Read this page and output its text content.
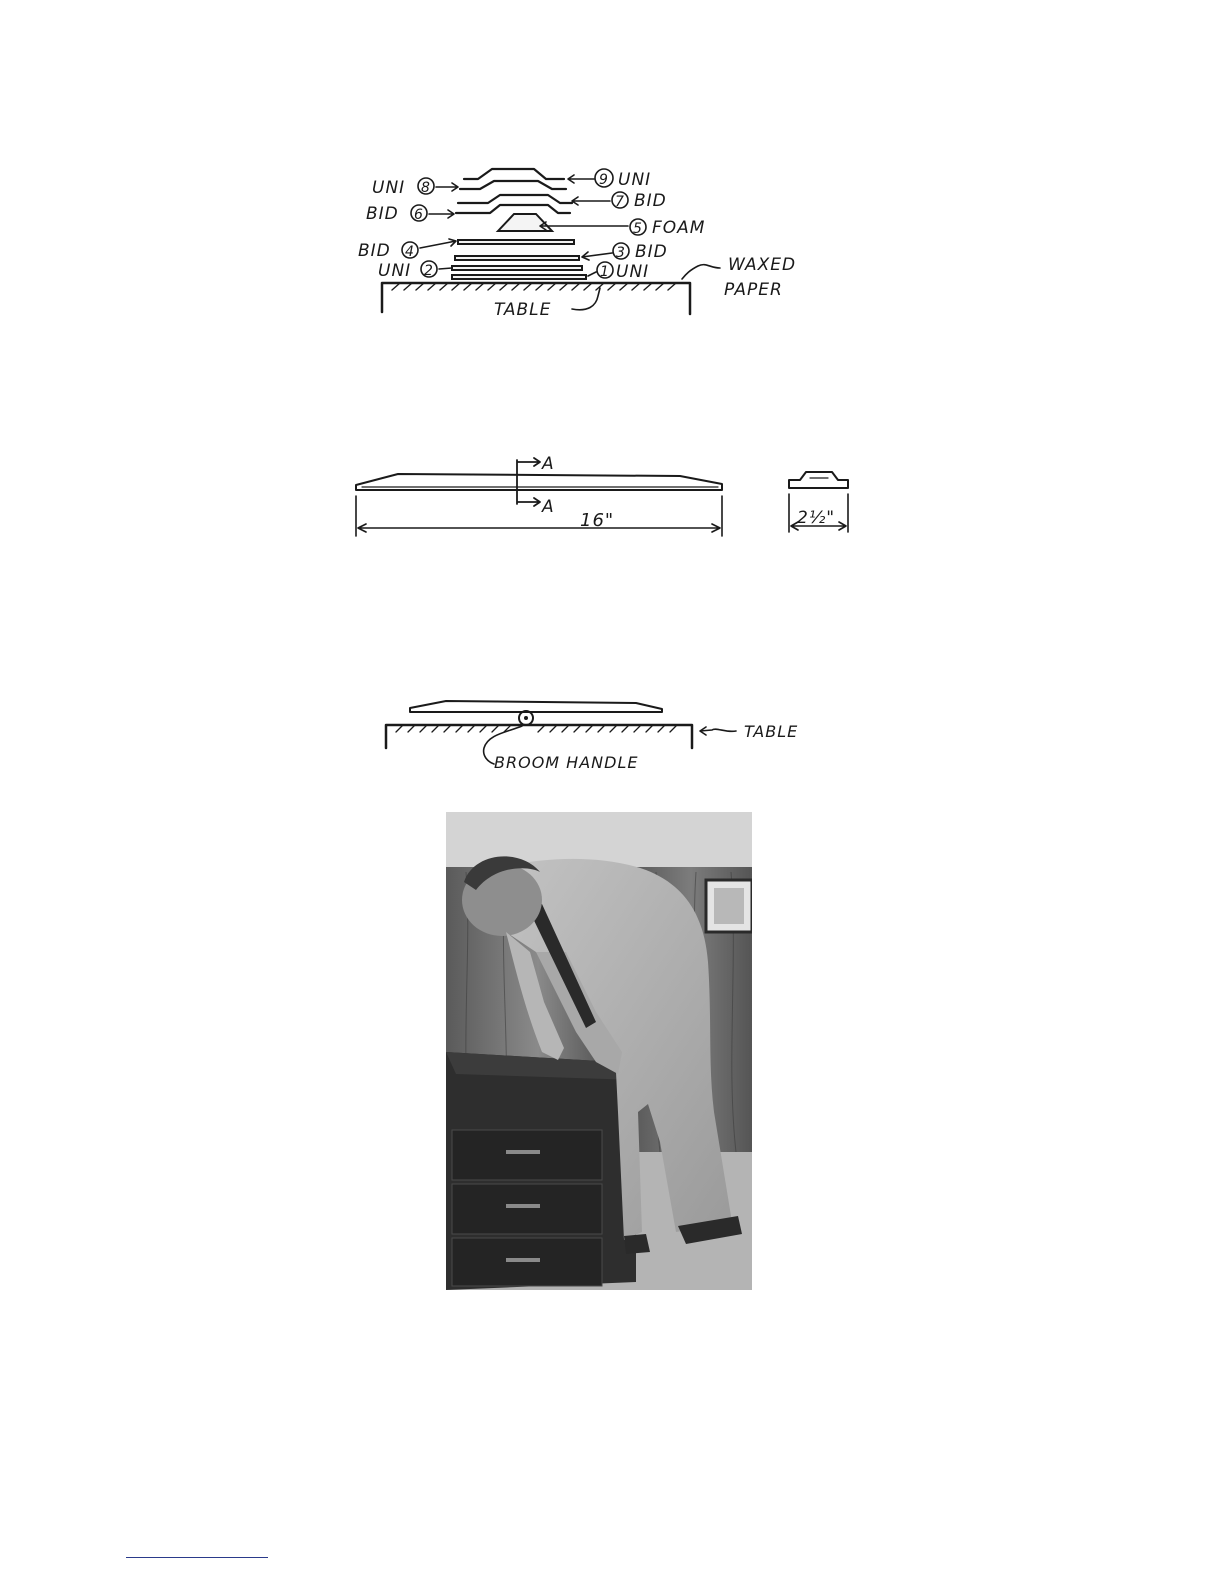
UNI 8
BID 6
BID 4
UNI 2
9 UNI
7 BID
5 FOAM
3 BID
1 UNI	WAXED
PAPER
TABLE
A
A
16"	2½"
BROOM HANDLE
TABLE
